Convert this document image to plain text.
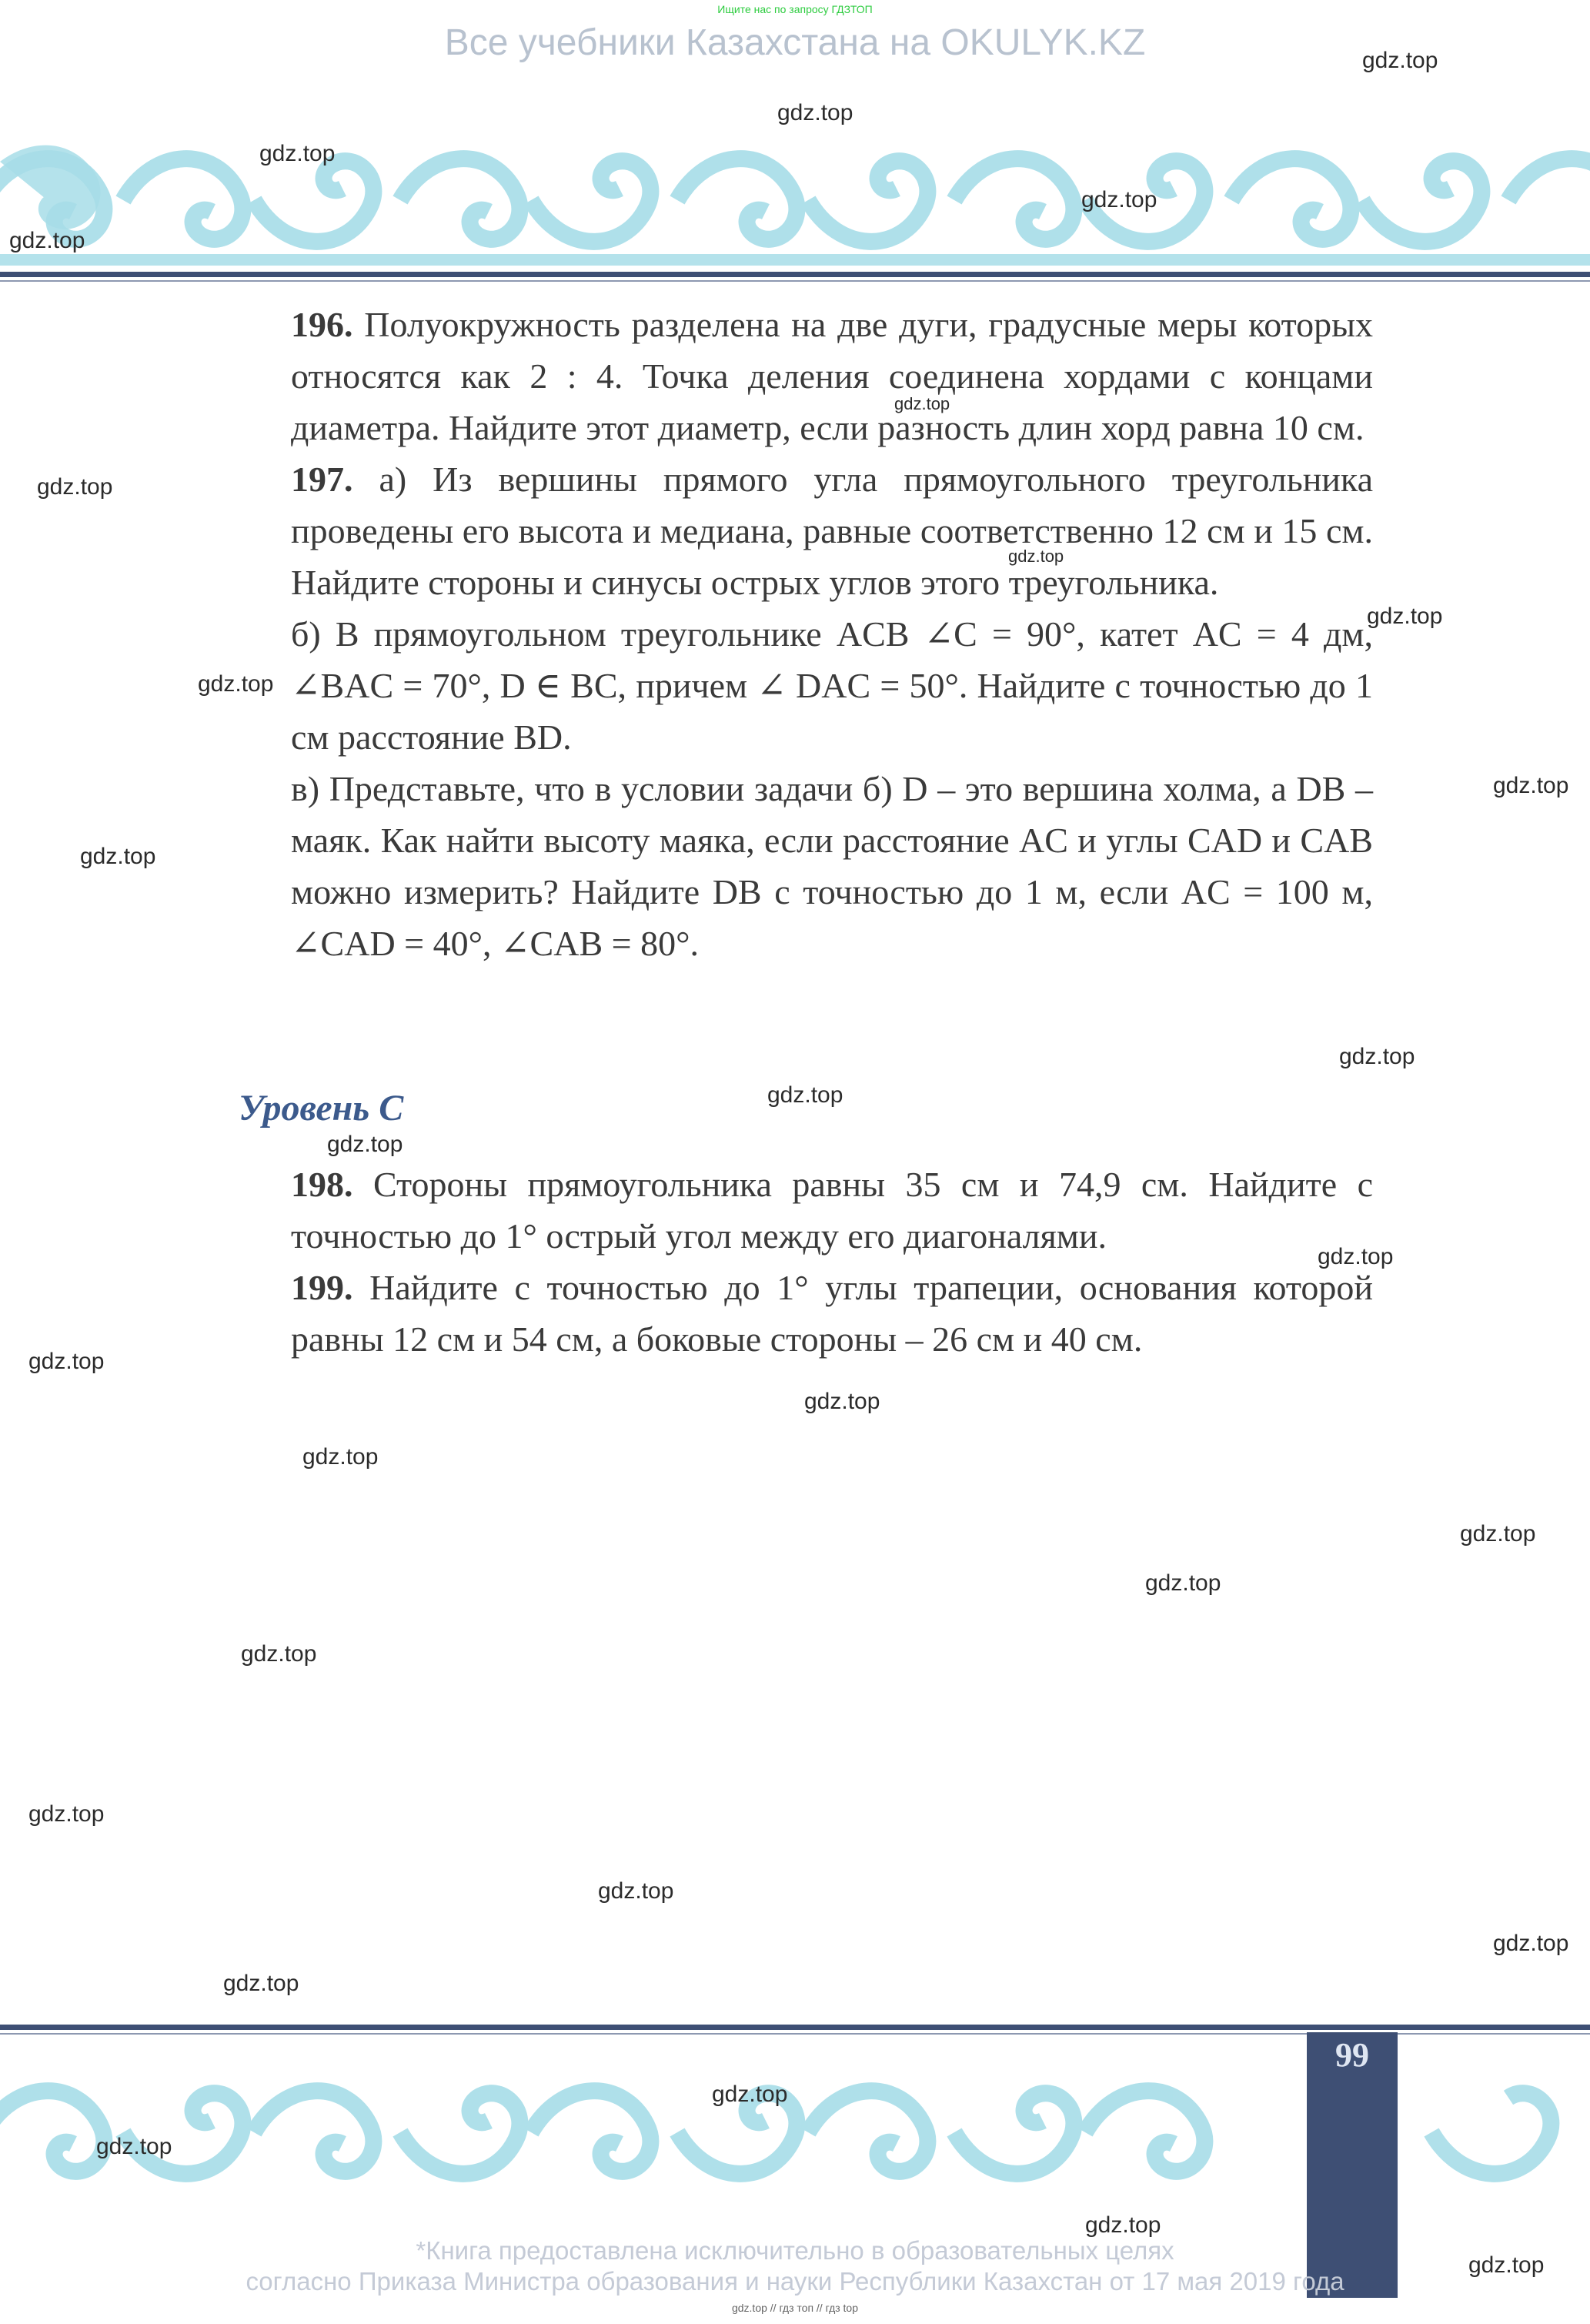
Ищите нас по запросу ГДЗТОП
Все учебники Казахстана на OKULYK.KZ

196. Полуокружность разделена на две дуги, градусные меры которых относятся как 2 : 4. Точка деления соединена хордами с концами диаметра. Найдите этот диаметр, если разность длин хорд равна 10 см.

197. а) Из вершины прямого угла прямоугольного треугольника проведены его высота и медиана, равные соответственно 12 см и 15 см. Найдите стороны и синусы острых углов этого треугольника.

б) В прямоугольном треугольнике ACB ∠C = 90°, катет AC = 4 дм, ∠BAC = 70°, D ∈ BC, причем ∠ DAC = 50°. Найдите с точностью до 1 см расстояние BD.

в) Представьте, что в условии задачи б) D – это вершина холма, а DB – маяк. Как найти высоту маяка, если расстояние AC и углы CAD и CAB можно измерить? Найдите DB с точностью до 1 м, если AC = 100 м, ∠CAD = 40°, ∠CAB = 80°.

Уровень C

198. Стороны прямоугольника равны 35 см и 74,9 см. Найдите с точностью до 1° острый угол между его диагоналями.

199. Найдите с точностью до 1° углы трапеции, основания которой равны 12 см и 54 см, а боковые стороны – 26 см и 40 см.

99
*Книга предоставлена исключительно в образовательных целях
согласно Приказа Министра образования и науки Республики Казахстан от 17 мая 2019 года
gdz.top // гдз топ // гдз top
gdz.top
gdz.top
gdz.top
gdz.top
gdz.top
gdz.top
gdz.top
gdz.top
gdz.top
gdz.top
gdz.top
gdz.top
gdz.top
gdz.top
gdz.top
gdz.top
gdz.top
gdz.top
gdz.top
gdz.top
gdz.top
gdz.top
gdz.top
gdz.top
gdz.top
gdz.top
gdz.top
gdz.top
gdz.top
gdz.top
